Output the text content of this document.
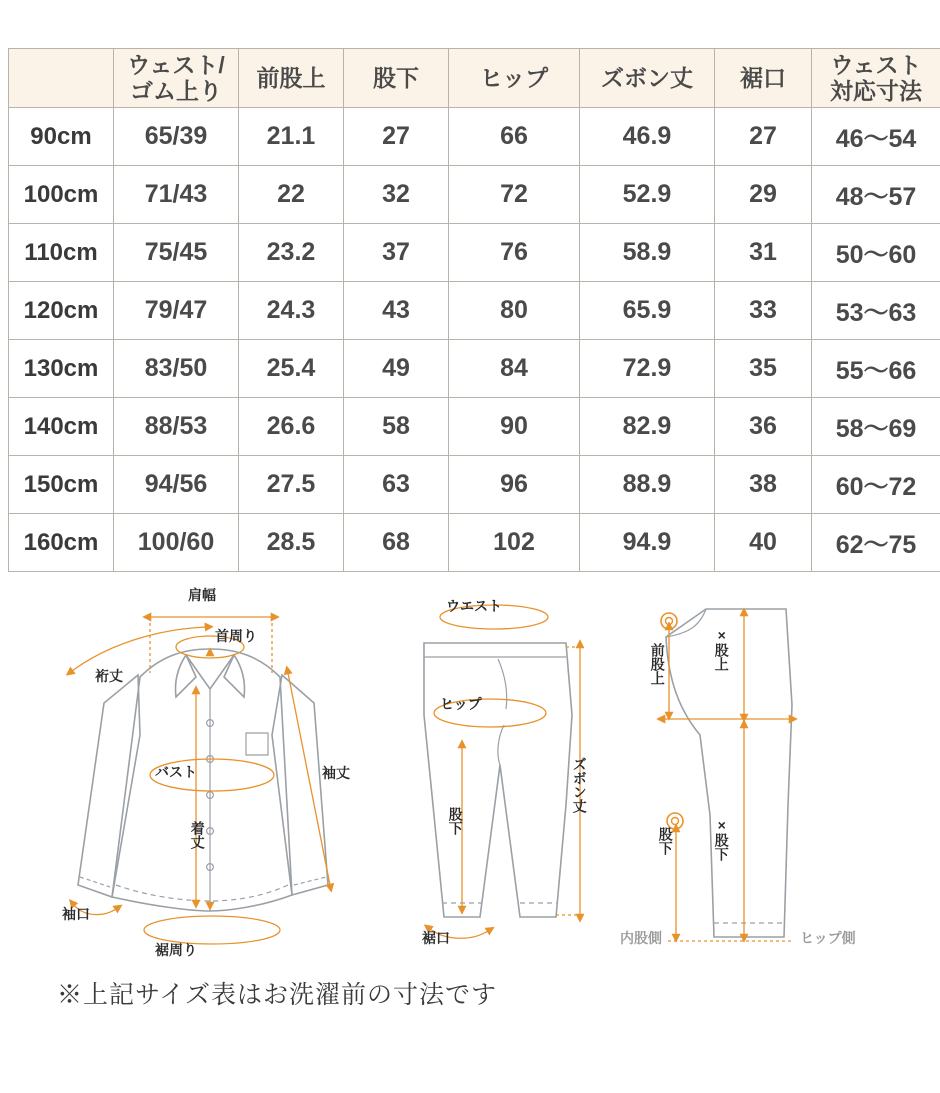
	ウェスト/
ゴム上り	前股上	股下	ヒップ	ズボン丈	裾口	ウェスト
対応寸法

90cm	65/39	21.1	27	66	46.9	27	46〜54
100cm	71/43	22	32	72	52.9	29	48〜57
110cm	75/45	23.2	37	76	58.9	31	50〜60
120cm	79/47	24.3	43	80	65.9	33	53〜63
130cm	83/50	25.4	49	84	72.9	35	55〜66
140cm	88/53	26.6	58	90	82.9	36	58〜69
150cm	94/56	27.5	63	96	88.9	38	60〜72
160cm	100/60	28.5	68	102	94.9	40	62〜75
肩幅
首周り
裄丈
バスト	袖丈
着丈
袖口
裾周り
ウエスト
ヒップ
ズボン丈
股下
裾口
前股上	×股上
股下	×股下
内股側	ヒップ側
※上記サイズ表はお洗濯前の寸法です
